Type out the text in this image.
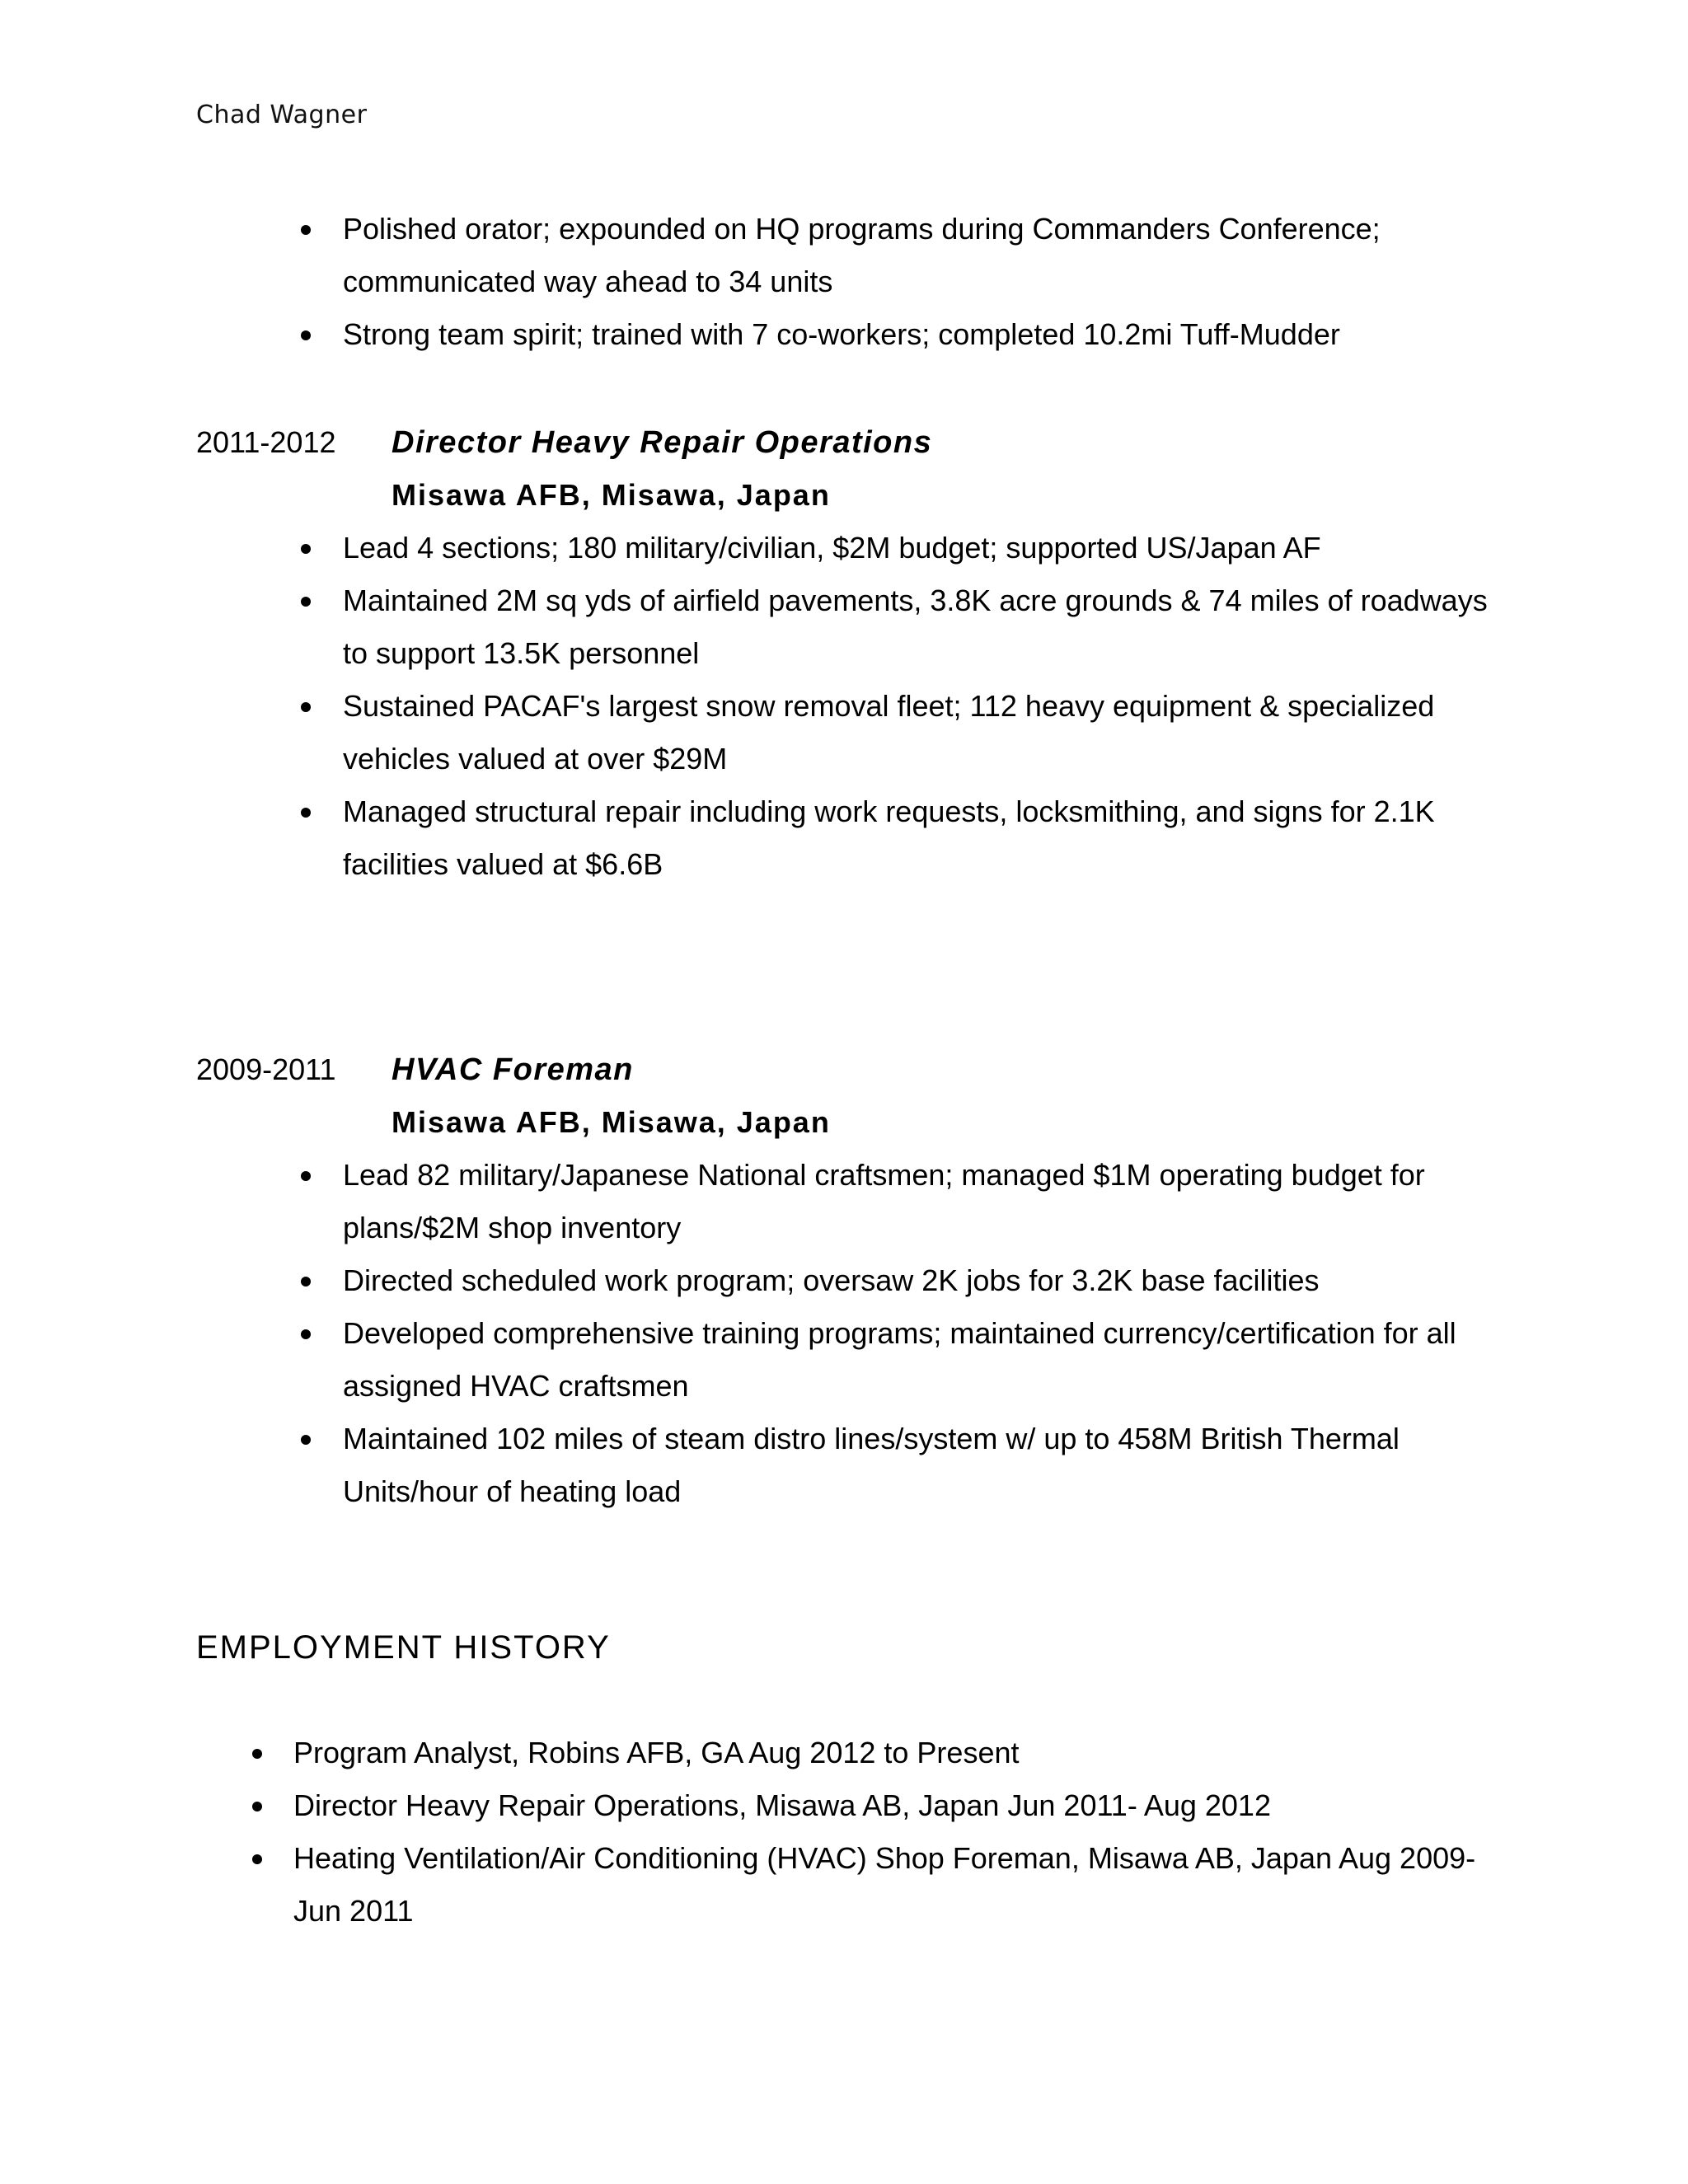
Chad Wagner
Polished orator; expounded on HQ programs during Commanders Conference; communicated way ahead to 34 units
Strong team spirit; trained with 7 co-workers; completed 10.2mi Tuff-Mudder
2011-2012 Director Heavy Repair Operations
Misawa AFB, Misawa, Japan
Lead 4 sections; 180 military/civilian, $2M budget; supported US/Japan AF
Maintained 2M sq yds of airfield pavements, 3.8K acre grounds & 74 miles of roadways to support 13.5K personnel
Sustained PACAF's largest snow removal fleet; 112 heavy equipment & specialized vehicles valued at over $29M
Managed structural repair including work requests, locksmithing, and signs for 2.1K facilities valued at $6.6B
2009-2011 HVAC Foreman
Misawa AFB, Misawa, Japan
Lead 82 military/Japanese National craftsmen; managed $1M operating budget for plans/$2M shop inventory
Directed scheduled work program; oversaw 2K jobs for 3.2K base facilities
Developed comprehensive training programs; maintained currency/certification for all assigned HVAC craftsmen
Maintained 102 miles of steam distro lines/system w/ up to 458M British Thermal Units/hour of heating load
EMPLOYMENT HISTORY
Program Analyst, Robins AFB, GA Aug 2012 to Present
Director Heavy Repair Operations, Misawa AB, Japan Jun 2011- Aug 2012
Heating Ventilation/Air Conditioning (HVAC) Shop Foreman, Misawa AB, Japan Aug 2009-Jun 2011
